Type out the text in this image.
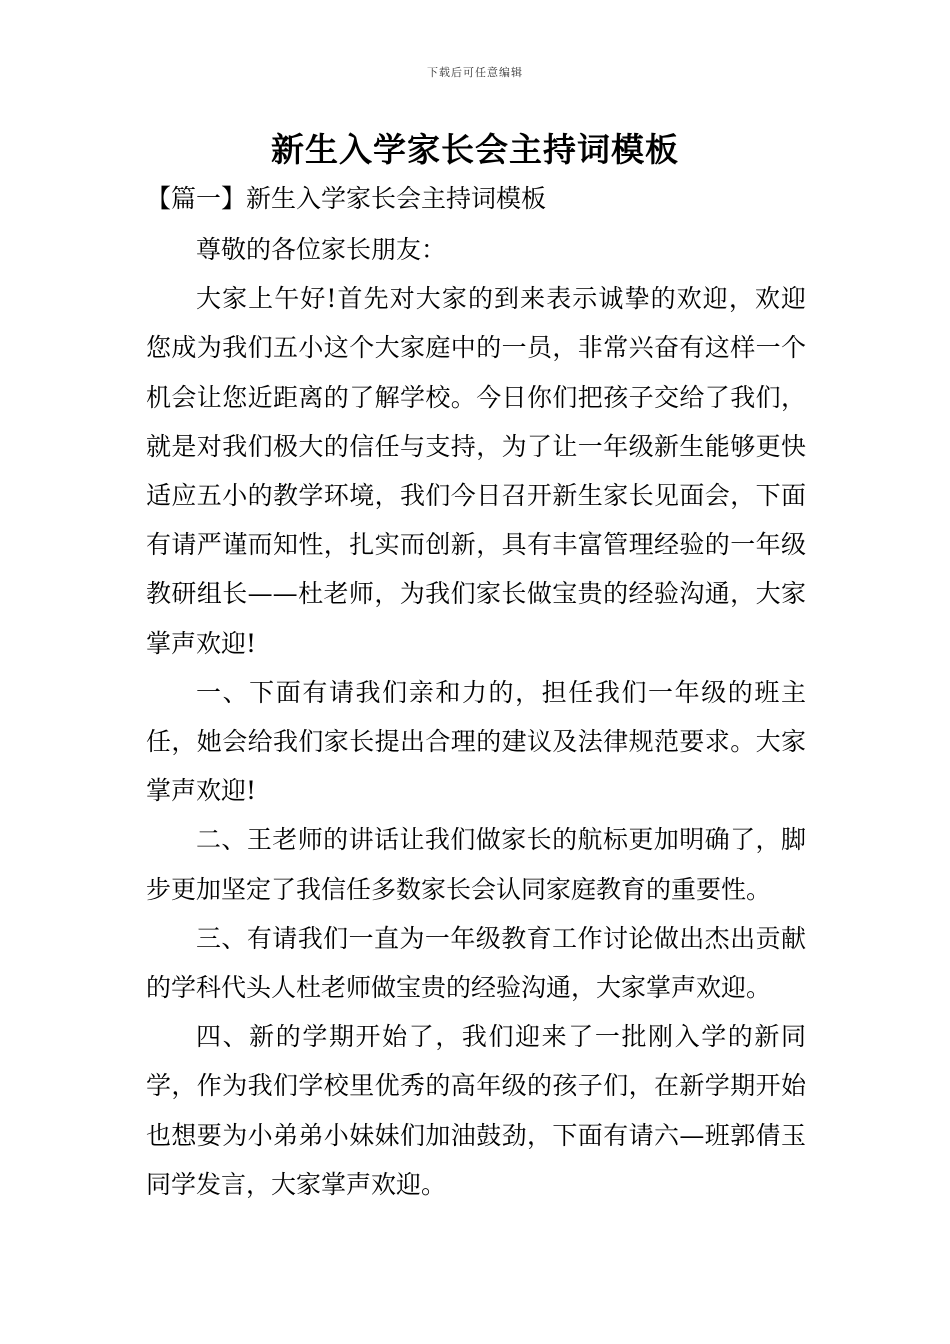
下载后可任意编辑
新生入学家长会主持词模板
【篇一】新生入学家长会主持词模板

尊敬的各位家长朋友：

大家上午好!首先对大家的到来表示诚挚的欢迎，欢迎您成为我们五小这个大家庭中的一员，非常兴奋有这样一个机会让您近距离的了解学校。今日你们把孩子交给了我们，就是对我们极大的信任与支持，为了让一年级新生能够更快适应五小的教学环境，我们今日召开新生家长见面会，下面有请严谨而知性，扎实而创新，具有丰富管理经验的一年级教研组长——杜老师，为我们家长做宝贵的经验沟通，大家掌声欢迎!

一、下面有请我们亲和力的，担任我们一年级的班主任，她会给我们家长提出合理的建议及法律规范要求。大家掌声欢迎!

二、王老师的讲话让我们做家长的航标更加明确了，脚步更加坚定了我信任多数家长会认同家庭教育的重要性。

三、有请我们一直为一年级教育工作讨论做出杰出贡献的学科代头人杜老师做宝贵的经验沟通，大家掌声欢迎。

四、新的学期开始了，我们迎来了一批刚入学的新同学，作为我们学校里优秀的高年级的孩子们，在新学期开始也想要为小弟弟小妹妹们加油鼓劲，下面有请六—班郭倩玉同学发言，大家掌声欢迎。
